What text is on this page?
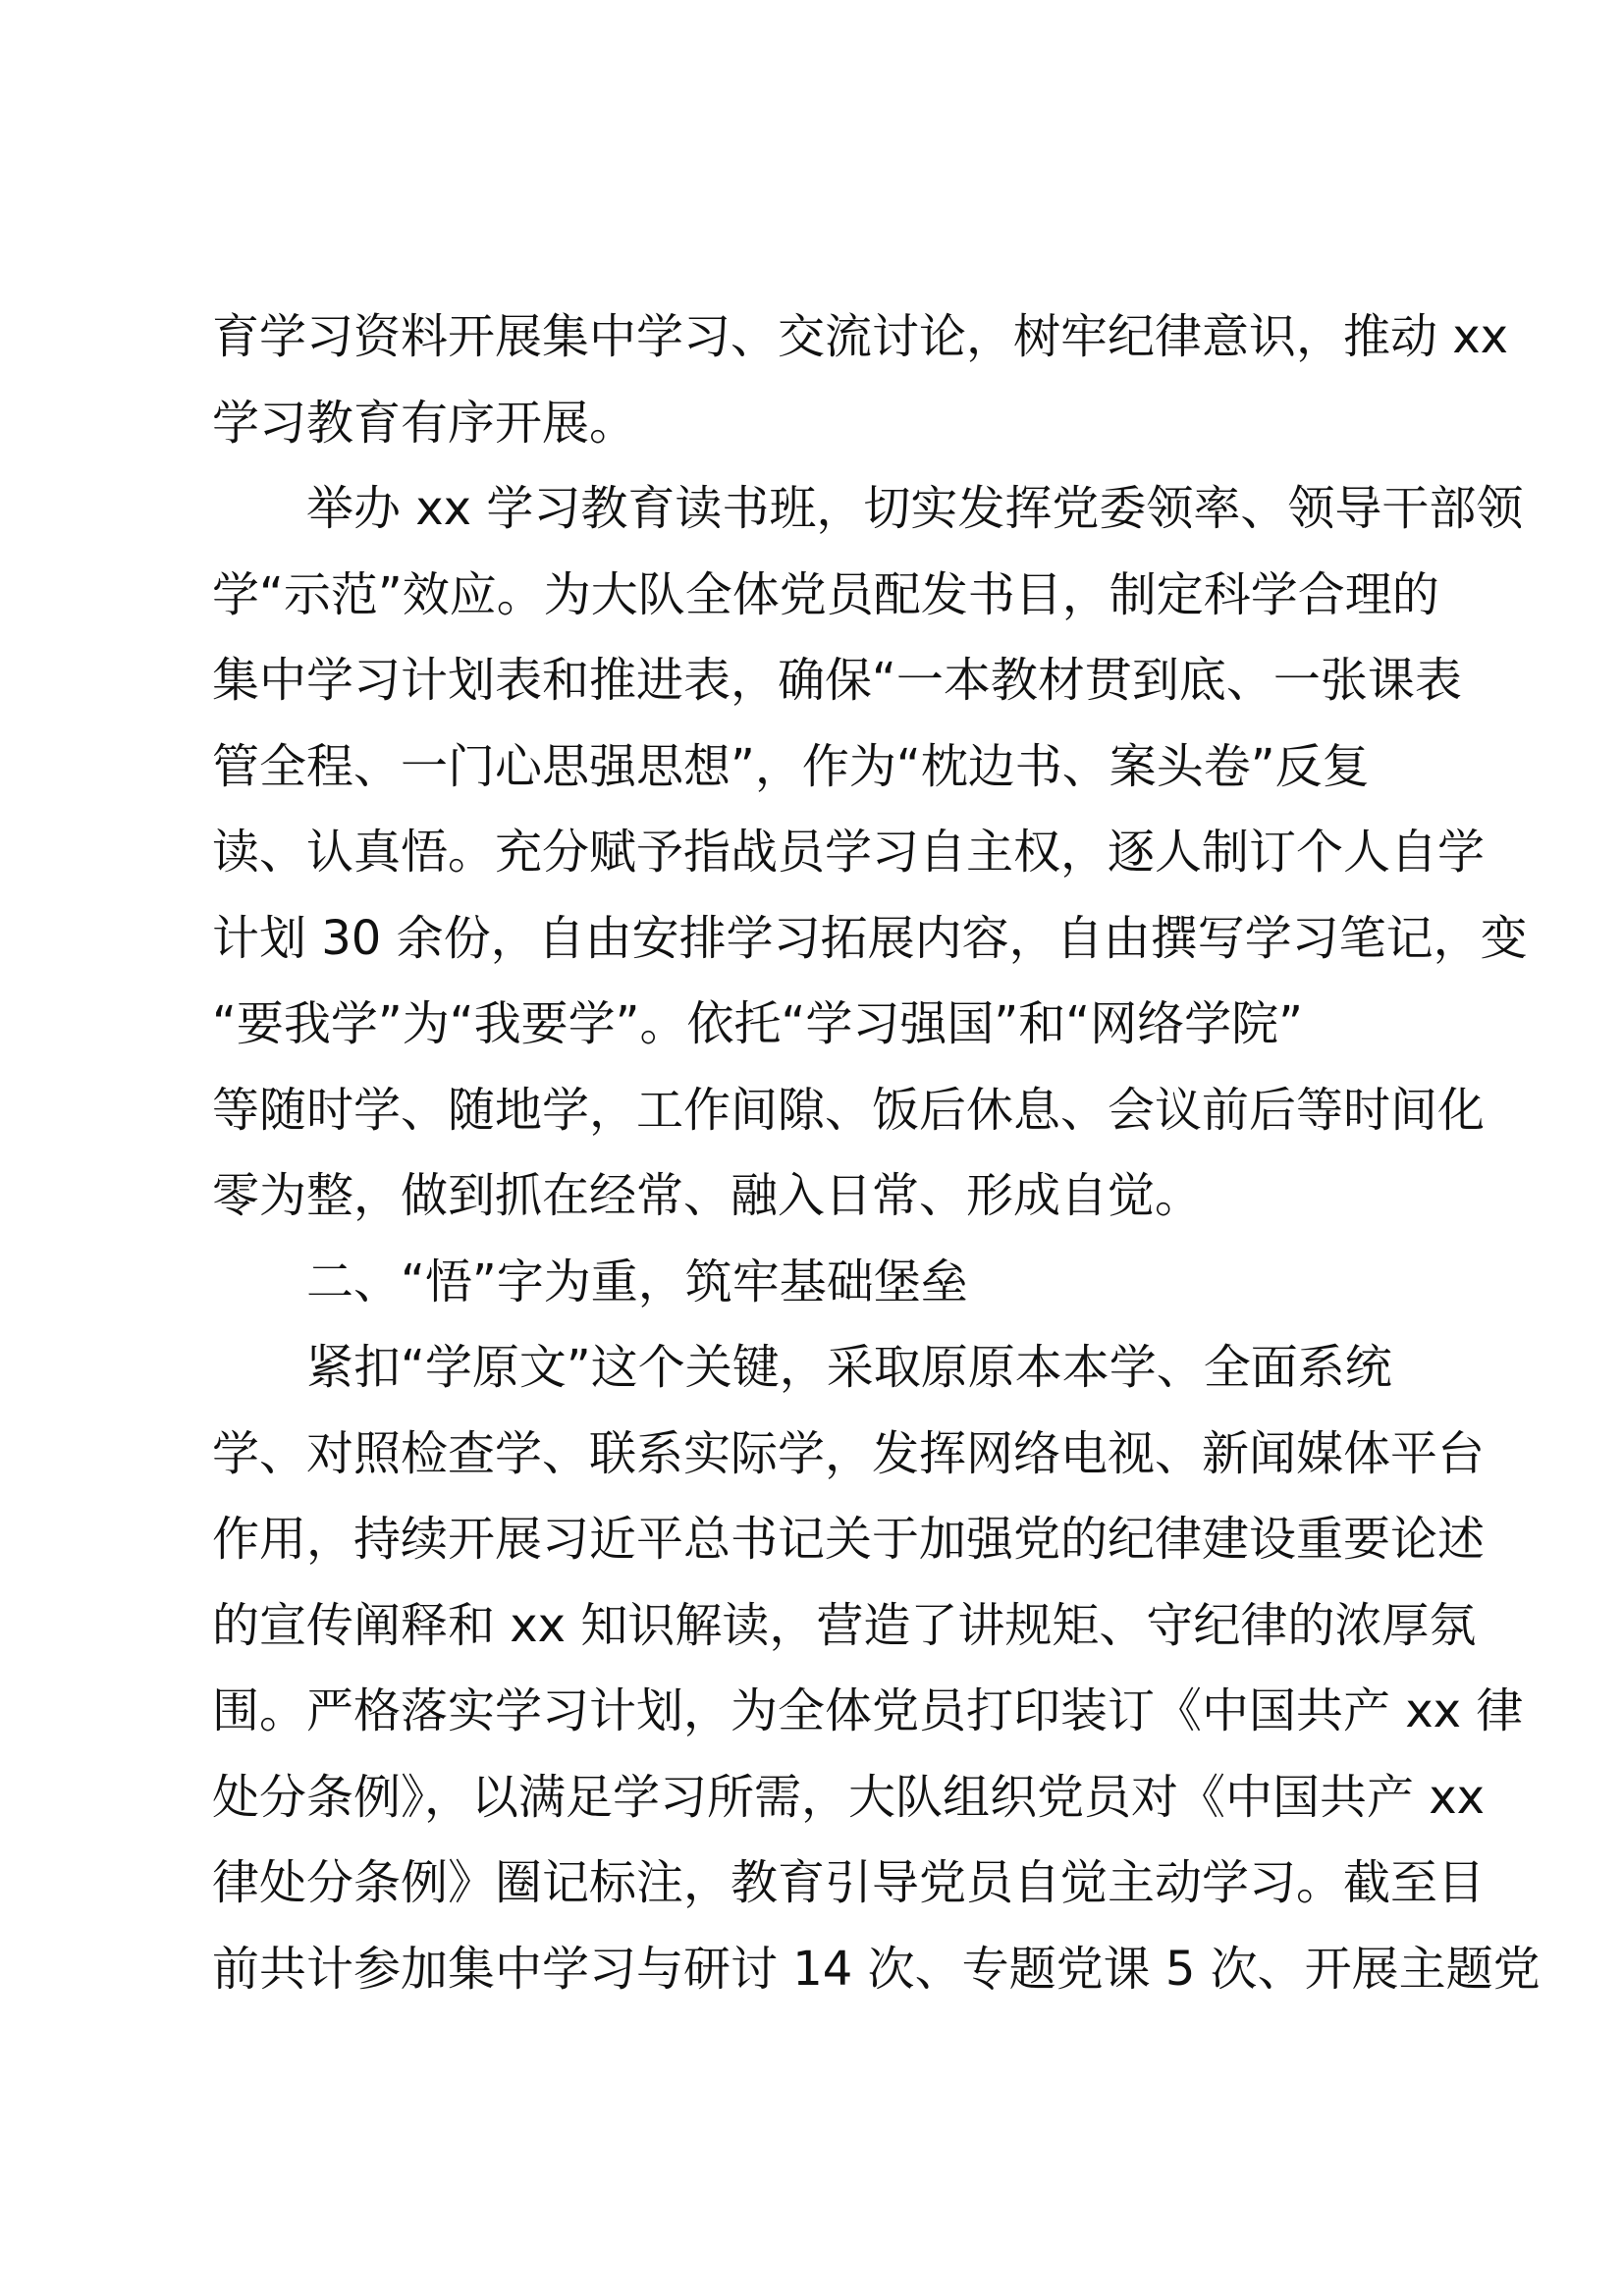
育学习资料开展集中学习、交流讨论，树牢纪律意识，推动 xx
学习教育有序开展。
举办 xx 学习教育读书班，切实发挥党委领率、领导干部领
学“示范”效应。为大队全体党员配发书目，制定科学合理的
集中学习计划表和推进表，确保“一本教材贯到底、一张课表
管全程、一门心思强思想”，作为“枕边书、案头卷”反复
读、认真悟。充分赋予指战员学习自主权，逐人制订个人自学
计划 30 余份，自由安排学习拓展内容，自由撰写学习笔记，变
“要我学”为“我要学”。依托“学习强国”和“网络学院”
等随时学、随地学，工作间隙、饭后休息、会议前后等时间化
零为整，做到抓在经常、融入日常、形成自觉。
二、“悟”字为重，筑牢基础堡垒
紧扣“学原文”这个关键，采取原原本本学、全面系统
学、对照检查学、联系实际学，发挥网络电视、新闻媒体平台
作用，持续开展习近平总书记关于加强党的纪律建设重要论述
的宣传阐释和 xx 知识解读，营造了讲规矩、守纪律的浓厚氛
围。严格落实学习计划，为全体党员打印装订《中国共产 xx 律
处分条例》，以满足学习所需，大队组织党员对《中国共产 xx
律处分条例》圈记标注，教育引导党员自觉主动学习。截至目
前共计参加集中学习与研讨 14 次、专题党课 5 次、开展主题党
